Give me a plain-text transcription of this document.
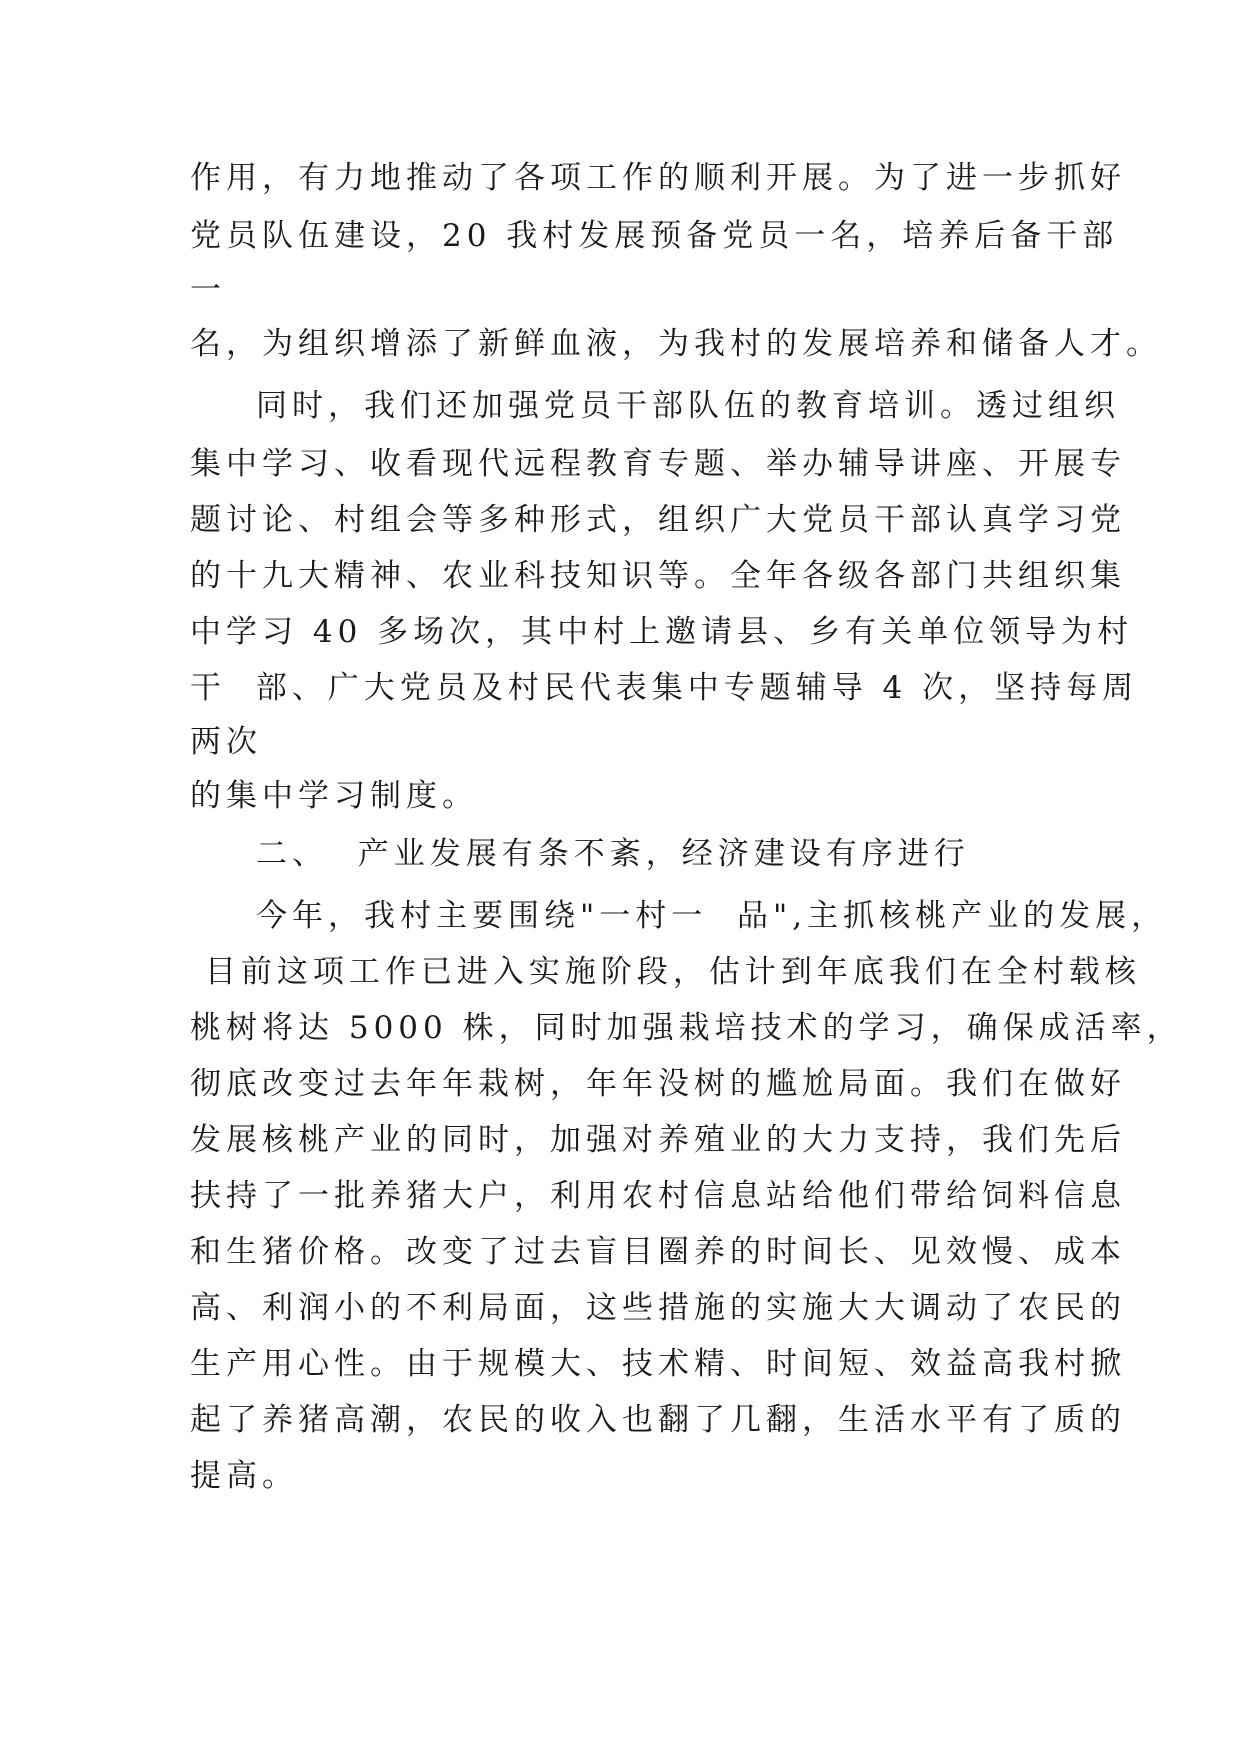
作用，有力地推动了各项工作的顺利开展。为了进一步抓好
党员队伍建设，20 我村发展预备党员一名，培养后备干部
一
名，为组织增添了新鲜血液，为我村的发展培养和储备人才。
同时，我们还加强党员干部队伍的教育培训。透过组织
集中学习、收看现代远程教育专题、举办辅导讲座、开展专
题讨论、村组会等多种形式，组织广大党员干部认真学习党
的十九大精神、农业科技知识等。全年各级各部门共组织集
中学习 40 多场次，其中村上邀请县、乡有关单位领导为村
干  部、广大党员及村民代表集中专题辅导 4 次，坚持每周
两次
的集中学习制度。
二、  产业发展有条不紊，经济建设有序进行
今年，我村主要围绕"一村一  品",主抓核桃产业的发展，
目前这项工作已进入实施阶段，估计到年底我们在全村载核
桃树将达 5000 株，同时加强栽培技术的学习，确保成活率，
彻底改变过去年年栽树，年年没树的尴尬局面。我们在做好
发展核桃产业的同时，加强对养殖业的大力支持，我们先后
扶持了一批养猪大户，利用农村信息站给他们带给饲料信息
和生猪价格。改变了过去盲目圈养的时间长、见效慢、成本
高、利润小的不利局面，这些措施的实施大大调动了农民的
生产用心性。由于规模大、技术精、时间短、效益高我村掀
起了养猪高潮，农民的收入也翻了几翻，生活水平有了质的
提高。
